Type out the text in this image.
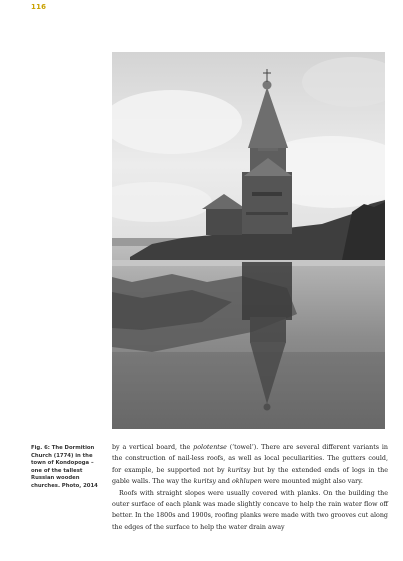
116
Fig. 6: The Dormition Church (1774) in the town of Kondopoga – one of the tallest Russian wooden churches. Photo, 2014

by a vertical board, the polotentse (‘towel’). There are several different variants in the construction of nail-less roofs, as well as local peculiarities. The gutters could, for example, be supported not by kuritsy but by the extended ends of logs in the gable walls. The way the kuritsy and okhlupen were mounted might also vary.

Roofs with straight slopes were usually covered with planks. On the building the outer surface of each plank was made slightly concave to help the rain water flow off better. In the 1800s and 1900s, roofing planks were made with two grooves cut along the edges of the surface to help the water drain away
